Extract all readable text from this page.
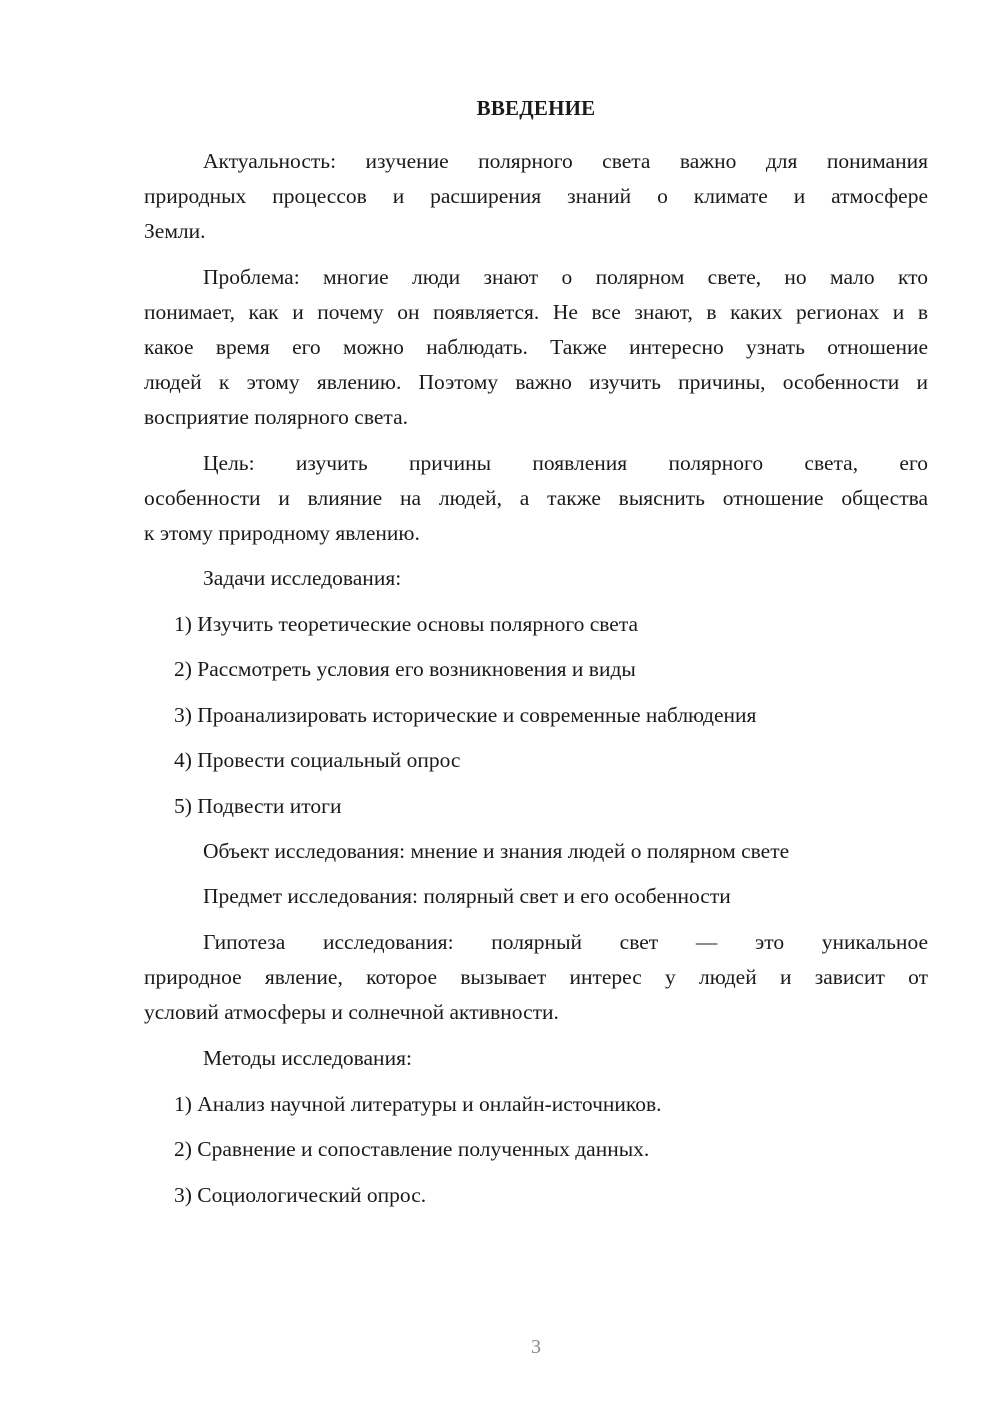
ВВЕДЕНИЕ
Актуальность: изучение полярного света важно для понимания
природных процессов и расширения знаний о климате и атмосфере
Земли.
Проблема: многие люди знают о полярном свете, но мало кто
понимает, как и почему он появляется. Не все знают, в каких регионах и в
какое время его можно наблюдать. Также интересно узнать отношение
людей к этому явлению. Поэтому важно изучить причины, особенности и
восприятие полярного света.
Цель: изучить причины появления полярного света, его
особенности и влияние на людей, а также выяснить отношение общества
к этому природному явлению.
Задачи исследования:
1) Изучить теоретические основы полярного света
2) Рассмотреть условия его возникновения и виды
3) Проанализировать исторические и современные наблюдения
4) Провести социальный опрос
5) Подвести итоги
Объект исследования: мнение и знания людей о полярном свете
Предмет исследования: полярный свет и его особенности
Гипотеза исследования: полярный свет — это уникальное
природное явление, которое вызывает интерес у людей и зависит от
условий атмосферы и солнечной активности.
Методы исследования:
1) Анализ научной литературы и онлайн-источников.
2) Сравнение и сопоставление полученных данных.
3) Социологический опрос.
3
